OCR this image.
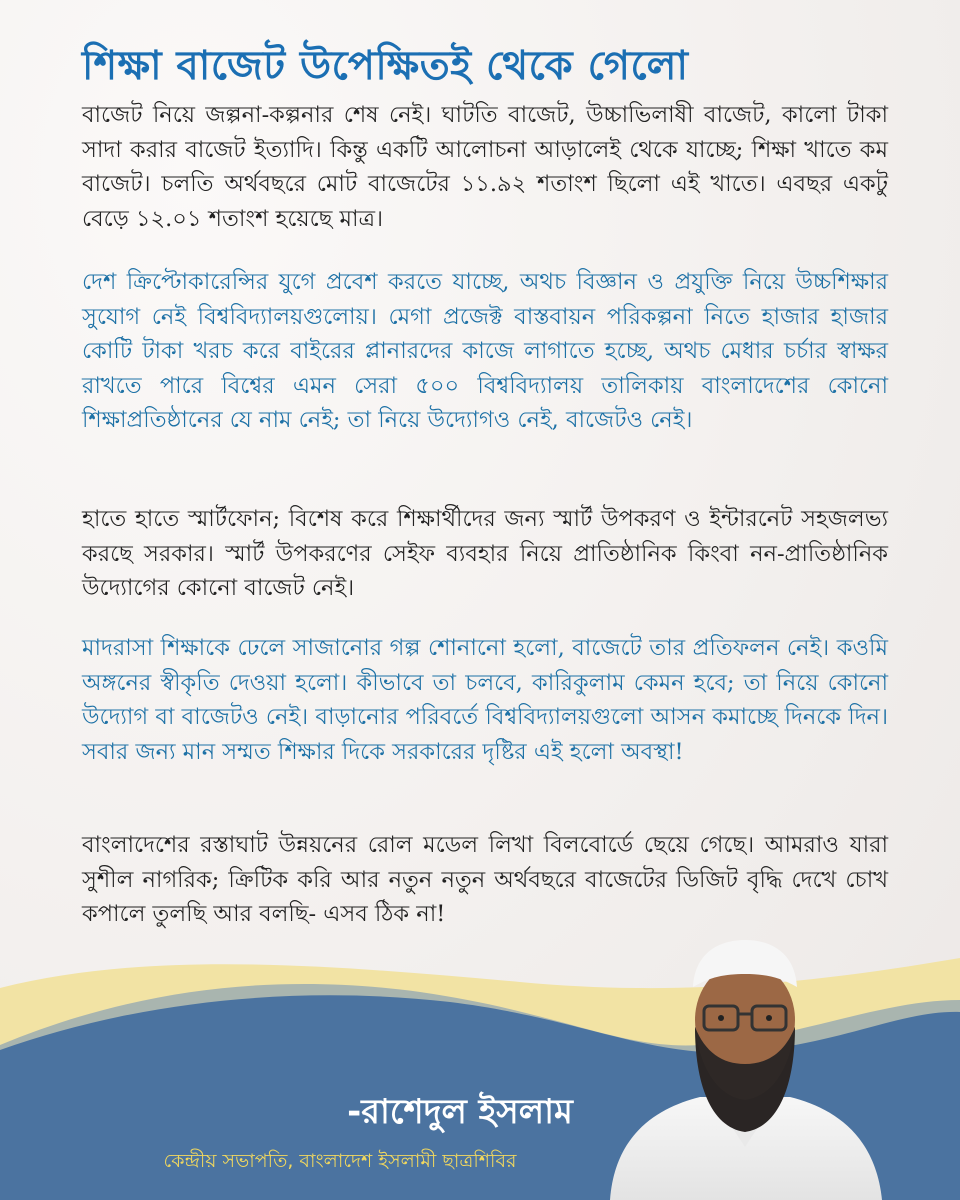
শিক্ষা বাজেট উপেক্ষিতই থেকে গেলো

বাজেট নিয়ে জল্পনা-কল্পনার শেষ নেই। ঘাটতি বাজেট, উচ্চাভিলাষী বাজেট, কালো টাকা সাদা করার বাজেট ইত্যাদি। কিন্তু একটি আলোচনা আড়ালেই থেকে যাচ্ছে; শিক্ষা খাতে কম বাজেট। চলতি অর্থবছরে মোট বাজেটের ১১.৯২ শতাংশ ছিলো এই খাতে। এবছর একটু বেড়ে ১২.০১ শতাংশ হয়েছে মাত্র।

দেশ ক্রিপ্টোকারেন্সির যুগে প্রবেশ করতে যাচ্ছে, অথচ বিজ্ঞান ও প্রযুক্তি নিয়ে উচ্চশিক্ষার সুযোগ নেই বিশ্ববিদ্যালয়গুলোয়। মেগা প্রজেক্ট বাস্তবায়ন পরিকল্পনা নিতে হাজার হাজার কোটি টাকা খরচ করে বাইরের প্লানারদের কাজে লাগাতে হচ্ছে, অথচ মেধার চর্চার স্বাক্ষর রাখতে পারে বিশ্বের এমন সেরা ৫০০ বিশ্ববিদ্যালয় তালিকায় বাংলাদেশের কোনো শিক্ষাপ্রতিষ্ঠানের যে নাম নেই; তা নিয়ে উদ্যোগও নেই, বাজেটও নেই।

হাতে হাতে স্মার্টফোন; বিশেষ করে শিক্ষার্থীদের জন্য স্মার্ট উপকরণ ও ইন্টারনেট সহজলভ্য করছে সরকার। স্মার্ট উপকরণের সেইফ ব্যবহার নিয়ে প্রাতিষ্ঠানিক কিংবা নন-প্রাতিষ্ঠানিক উদ্যোগের কোনো বাজেট নেই।

মাদরাসা শিক্ষাকে ঢেলে সাজানোর গল্প শোনানো হলো, বাজেটে তার প্রতিফলন নেই। কওমি অঙ্গনের স্বীকৃতি দেওয়া হলো। কীভাবে তা চলবে, কারিকুলাম কেমন হবে; তা নিয়ে কোনো উদ্যোগ বা বাজেটও নেই। বাড়ানোর পরিবর্তে বিশ্ববিদ্যালয়গুলো আসন কমাচ্ছে দিনকে দিন। সবার জন্য মান সম্মত শিক্ষার দিকে সরকারের দৃষ্টির এই হলো অবস্থা!

বাংলাদেশের রস্তাঘাট উন্নয়নের রোল মডেল লিখা বিলবোর্ডে ছেয়ে গেছে। আমরাও যারা সুশীল নাগরিক; ক্রিটিক করি আর নতুন নতুন অর্থবছরে বাজেটের ডিজিট বৃদ্ধি দেখে চোখ কপালে তুলছি আর বলছি- এসব ঠিক না!

-রাশেদুল ইসলাম

কেন্দ্রীয় সভাপতি, বাংলাদেশ ইসলামী ছাত্রশিবির
